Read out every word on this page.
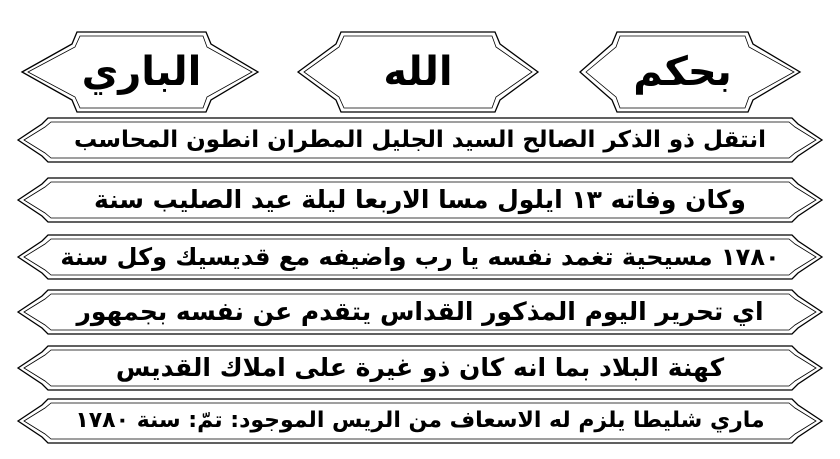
بحكم
الله
الباري
انتقل ذو الذكر الصالح السيد الجليل المطران انطون المحاسب
وكان وفاته ١٣ ايلول مسا الاربعا ليلة عيد الصليب سنة
١٧٨٠ مسيحية تغمد نفسه يا رب واضيفه مع قديسيك وكل سنة
اي تحرير اليوم المذكور القداس يتقدم عن نفسه بجمهور
كهنة البلاد بما انه كان ذو غيرة على املاك القديس
ماري شليطا يلزم له الاسعاف من الريس الموجود: تمّ: سنة ١٧٨٠
